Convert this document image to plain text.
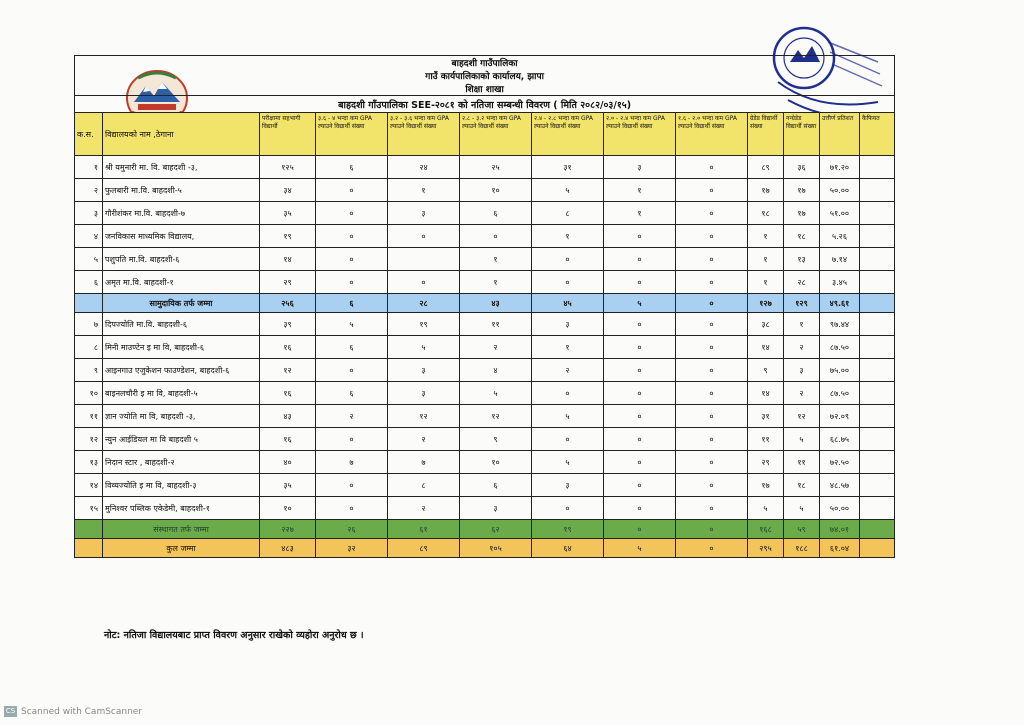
बाहदशी गाउँपालिका												
गाउँ कार्यपालिकाको कार्यालय, झापा												
शिक्षा शाखा												
बाहदशी गाँउपालिका SEE-२०८१ को नतिजा सम्बन्धी विवरण ( मिति २०८२/०३/१५)												
क.स.	विद्यालयको नाम ,ठेगाना	परीक्षामा सहभागी विद्यार्थी	३.६ - ४ भन्दा कम GPA ल्याउने विद्यार्थी संख्या	३.२ - ३.६ भन्दा कम GPA ल्याउने विद्यार्थी संख्या	२.८ - ३.२ भन्दा कम GPA ल्याउने विद्यार्थी संख्या	२.४ - २.८ भन्दा कम GPA ल्याउने विद्यार्थी संख्या	२.० - २.४ भन्दा कम GPA ल्याउने विद्यार्थी संख्या	१.६ - २.० भन्दा कम GPA ल्याउने विद्यार्थी संख्या	ग्रेडेड विद्यार्थी संख्या	नन्ग्रेडेड विद्यार्थी संख्या	उत्तीर्ण प्रतिशत	कैफियत
१	श्री यमुनारी मा. वि. बाहदशी -३,	१२५	६	२४	२५	३१	३	०	८९	३६	७१.२०	
२	फुलबारी मा.वि. बाहदशी-५	३४	०	१	१०	५	१	०	१७	१७	५०.००	
३	गौरीशंकर मा.वि. बाहदशी-७	३५	०	३	६	८	१	०	१८	१७	५१.००	
४	जनविकास माध्यमिक विद्यालय,	१९	०	०	०	१	०	०	१	१८	५.२६	
५	पशुपति मा.वि. बाहदशी-६	१४	०		१	०	०	०	१	१३	७.१४	
६	अमृत मा.वि. बाहदशी-१	२९	०	०	१	०	०	०	१	२८	३.४५	
	सामुदायिक तर्फ जम्मा	२५६	६	२८	४३	४५	५	०	१२७	१२९	४९.६१	
७	दिपज्योति मा.वि. बाहदशी-६	३९	५	१९	११	३	०	०	३८	१	९७.४४	
८	मिनी माउण्टेन इ मा वि, बाहदशी-६	१६	६	५	२	१	०	०	१४	२	८७.५०	
९	आइनगाउ एजुकेशन फाउण्डेशन, बाहदशी-६	१२	०	३	४	२	०	०	९	३	७५.००	
१०	बाइनलचौरी इ मा वि, बाहदशी-५	१६	६	३	५	०	०	०	१४	२	८७.५०	
११	ज्ञान ज्योति मा वि, बाहदशी -३,	४३	२	१२	१२	५	०	०	३१	१२	७२.०९	
१२	न्युन आईडियल मा वि बाहदशी ५	१६	०	२	९	०	०	०	११	५	६८.७५	
१३	निदान स्टार , बाहदशी-२	४०	७	७	१०	५	०	०	२९	११	७२.५०	
१४	विव्यज्योति इ मा वि, बाहदशी-३	३५	०	८	६	३	०	०	१७	१८	४८.५७	
१५	मुनिश्वर पब्लिक एकेडेमी, बाहदशी-१	१०	०	२	३	०	०	०	५	५	५०.००	
	संस्थागत तर्फ जम्मा	२२७	२६	६१	६२	१९	०	०	१६८	५९	७४.०१	
	कुल जम्मा	४८३	३२	८९	१०५	६४	५	०	२९५	१८८	६१.०४	
नोट: नतिजा विद्यालयबाट प्राप्त विवरण अनुसार राखेको व्यहोरा अनुरोध छ ।
CS Scanned with CamScanner
